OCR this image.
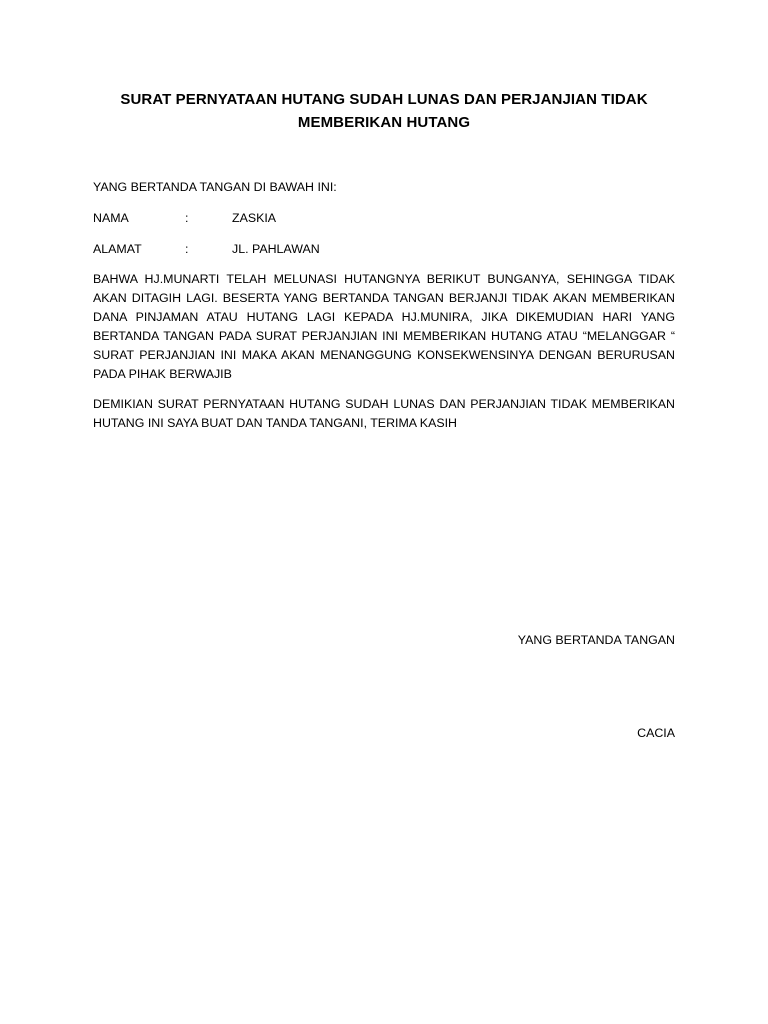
SURAT PERNYATAAN HUTANG SUDAH LUNAS DAN PERJANJIAN TIDAK
MEMBERIKAN HUTANG
YANG BERTANDA TANGAN DI BAWAH INI:
NAMA	:	ZASKIA
ALAMAT	:	JL. PAHLAWAN
BAHWA HJ.MUNARTI TELAH MELUNASI HUTANGNYA BERIKUT BUNGANYA, SEHINGGA TIDAK AKAN DITAGIH LAGI. BESERTA YANG BERTANDA TANGAN BERJANJI TIDAK AKAN MEMBERIKAN DANA PINJAMAN ATAU HUTANG LAGI KEPADA HJ.MUNIRA, JIKA DIKEMUDIAN HARI YANG BERTANDA TANGAN PADA SURAT PERJANJIAN INI MEMBERIKAN HUTANG ATAU “MELANGGAR “ SURAT PERJANJIAN INI MAKA AKAN MENANGGUNG KONSEKWENSINYA DENGAN BERURUSAN PADA PIHAK BERWAJIB
DEMIKIAN SURAT PERNYATAAN HUTANG SUDAH LUNAS DAN PERJANJIAN TIDAK MEMBERIKAN HUTANG INI SAYA BUAT DAN TANDA TANGANI, TERIMA KASIH
YANG BERTANDA TANGAN
CACIA
